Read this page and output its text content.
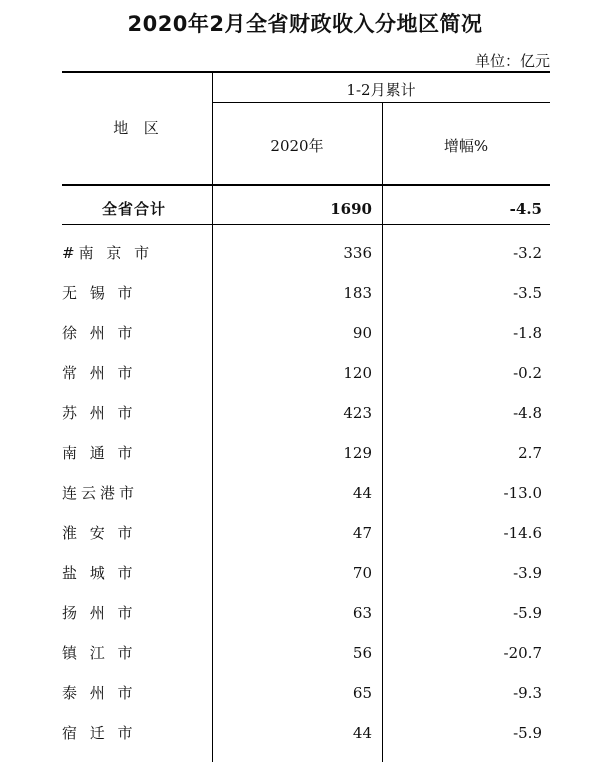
2020年2月全省财政收入分地区简况
单位：亿元
地  区
1-2月累计
2020年	增幅%
全省合计	1690	-4.5
#南 京 市	336	-3.2
无 锡 市	183	-3.5
徐 州 市	90	-1.8
常 州 市	120	-0.2
苏 州 市	423	-4.8
南 通 市	129	2.7
连云港市	44	-13.0
淮 安 市	47	-14.6
盐 城 市	70	-3.9
扬 州 市	63	-5.9
镇 江 市	56	-20.7
泰 州 市	65	-9.3
宿 迁 市	44	-5.9
